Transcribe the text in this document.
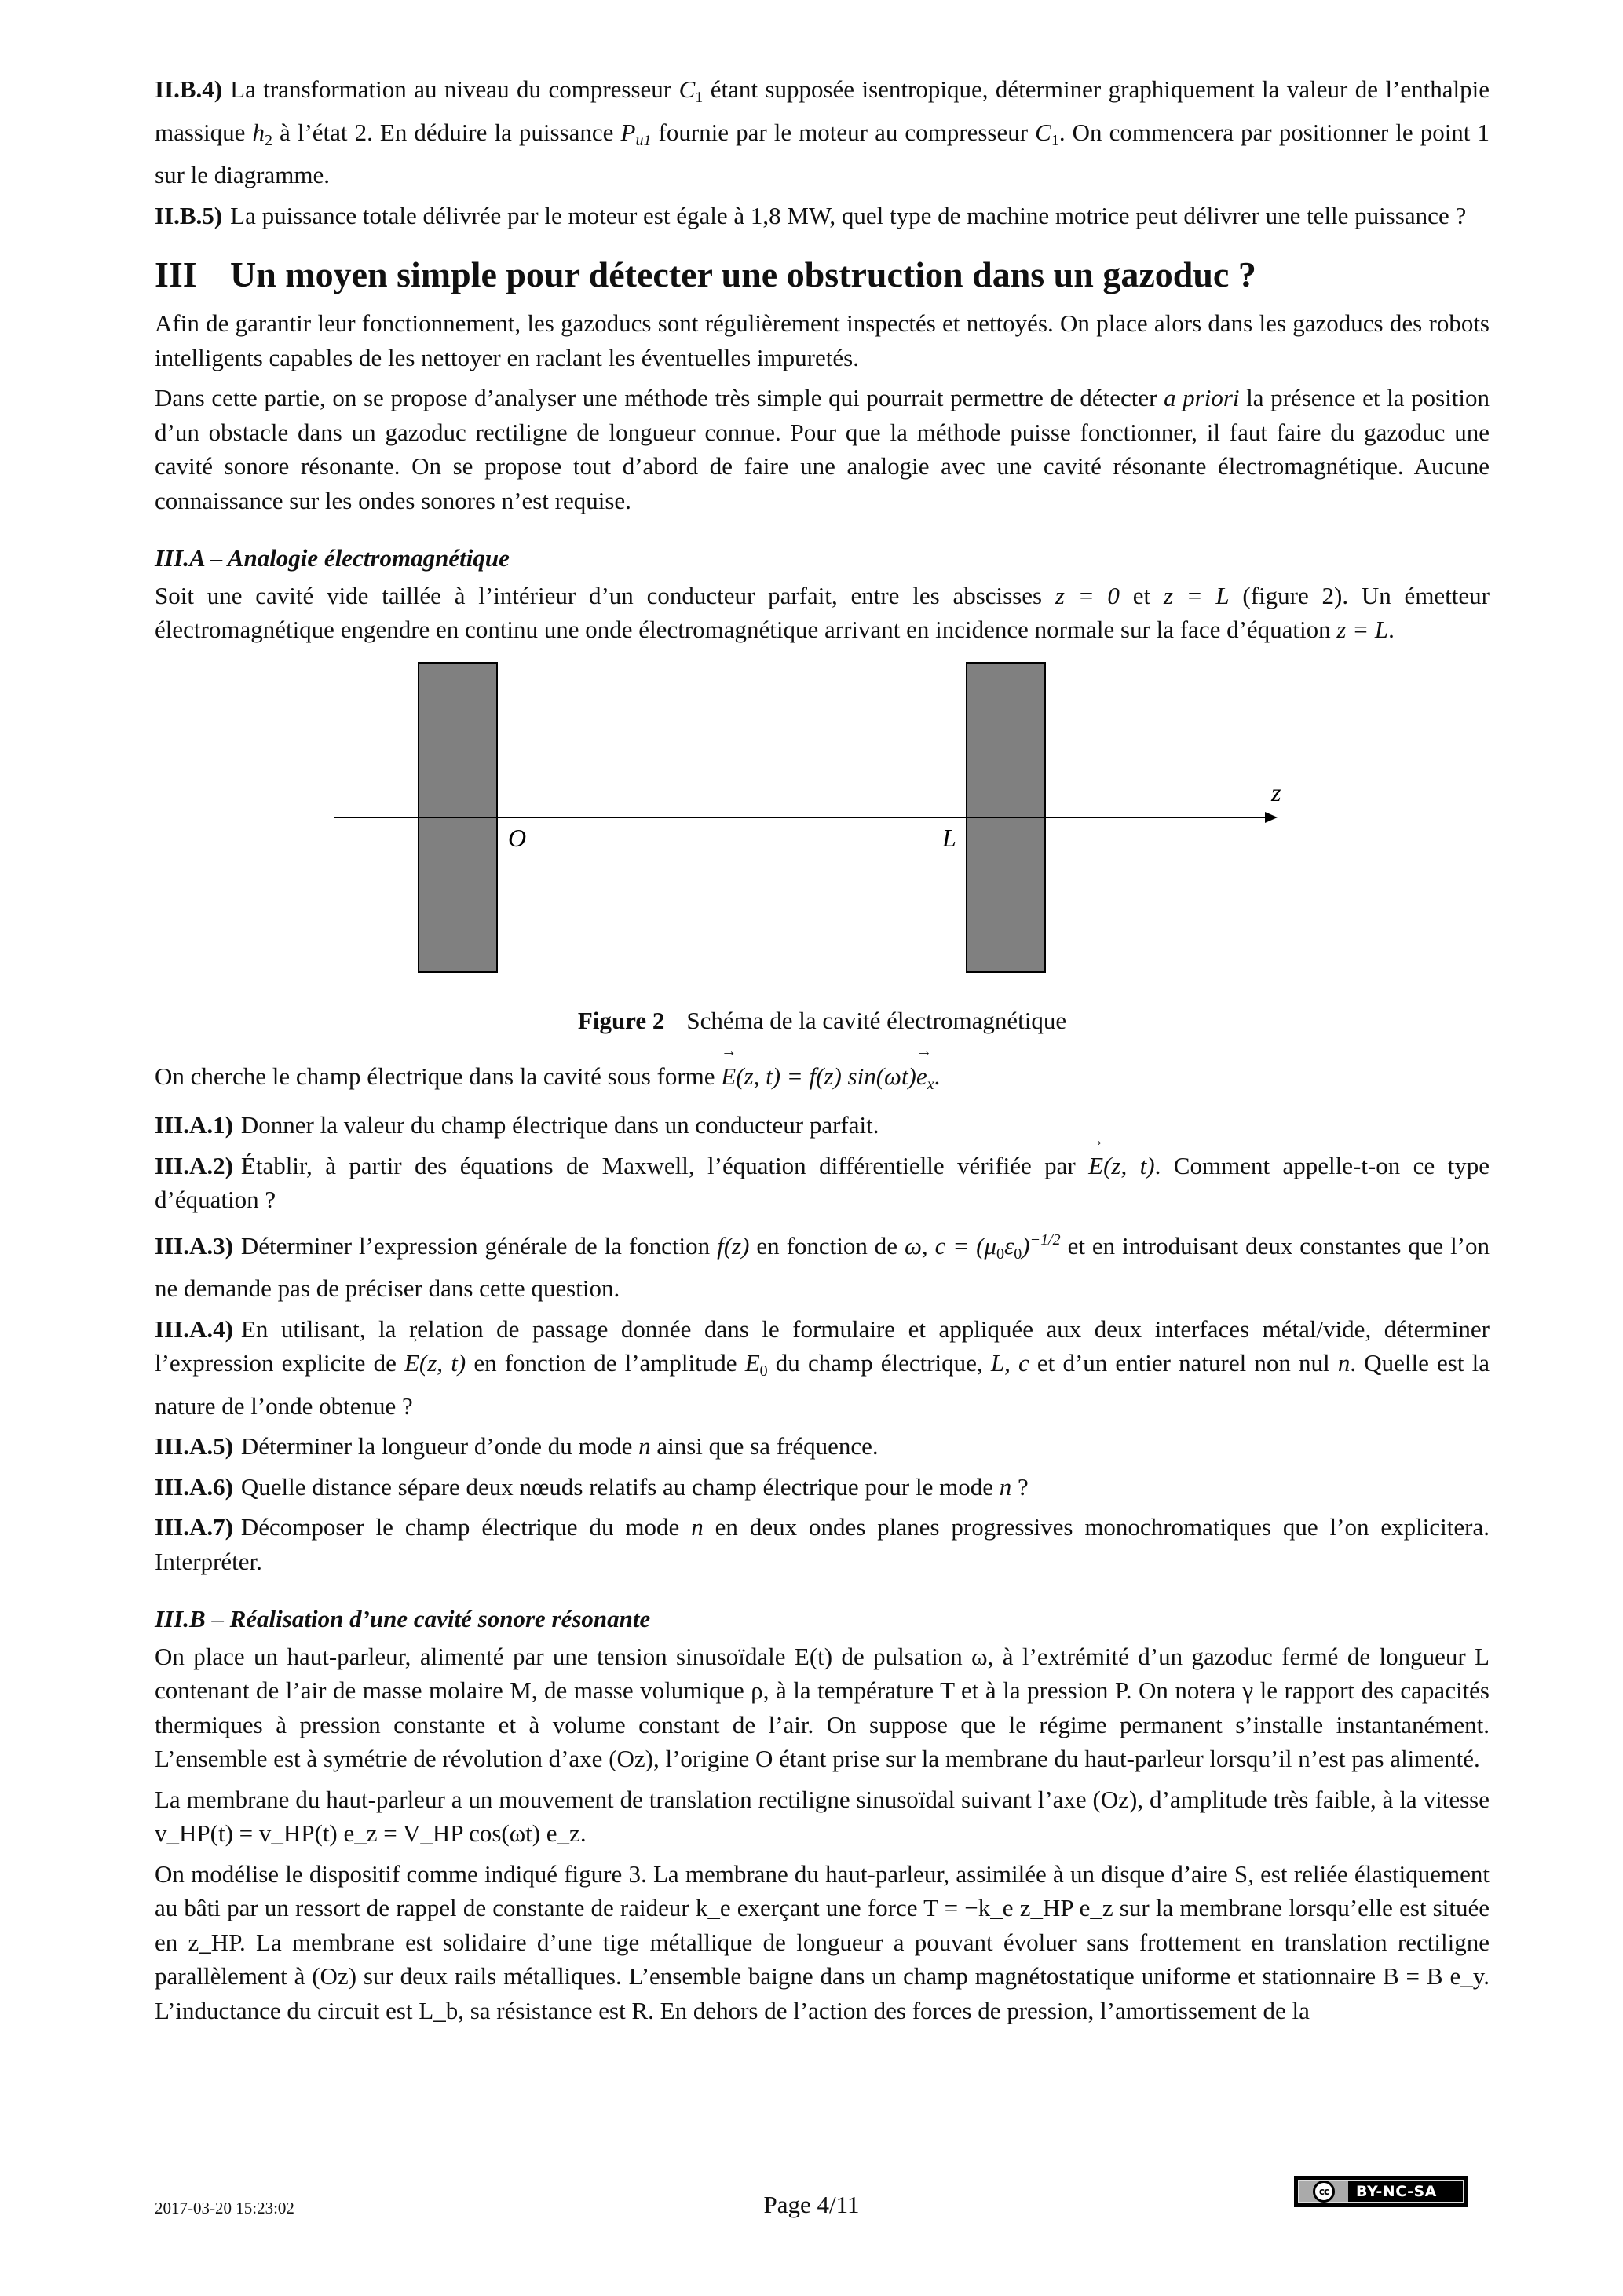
II.B.4) La transformation au niveau du compresseur $C_1$ étant supposée isentropique, déterminer graphiquement la valeur de l’enthalpie massique $h_2$ à l’état 2. En déduire la puissance Pu1 fournie par le moteur au compresseur $C_1$. On commencera par positionner le point 1 sur le diagramme.

II.B.5) La puissance totale délivrée par le moteur est égale à 1,8 MW, quel type de machine motrice peut délivrer une telle puissance ?

III Un moyen simple pour détecter une obstruction dans un gazoduc ?

Afin de garantir leur fonctionnement, les gazoducs sont régulièrement inspectés et nettoyés. On place alors dans les gazoducs des robots intelligents capables de les nettoyer en raclant les éventuelles impuretés.

Dans cette partie, on se propose d’analyser une méthode très simple qui pourrait permettre de détecter a priori la présence et la position d’un obstacle dans un gazoduc rectiligne de longueur connue. Pour que la méthode puisse fonctionner, il faut faire du gazoduc une cavité sonore résonante. On se propose tout d’abord de faire une analogie avec une cavité résonante électromagnétique. Aucune connaissance sur les ondes sonores n’est requise.

III.A – Analogie électromagnétique

Soit une cavité vide taillée à l’intérieur d’un conducteur parfait, entre les abscisses z = 0 et z = L (figure 2). Un émetteur électromagnétique engendre en continu une onde électromagnétique arrivant en incidence normale sur la face d’équation z = L.

z
O	L
Figure 2 Schéma de la cavité électromagnétique

On cherche le champ électrique dans la cavité sous forme → E(z, t) = f(z) sin(ωt)→ ex.

III.A.1) Donner la valeur du champ électrique dans un conducteur parfait.

III.A.2) Établir, à partir des équations de Maxwell, l’équation différentielle vérifiée par → E(z, t). Comment appelle-t-on ce type d’équation ?

III.A.3) Déterminer l’expression générale de la fonction f(z) en fonction de ω, $c = (\mu_0\varepsilon_0)^{-1/2}$ et en introduisant deux constantes que l’on ne demande pas de préciser dans cette question.

III.A.4) En utilisant, la relation de passage donnée dans le formulaire et appliquée aux deux interfaces métal/vide, déterminer l’expression explicite de → E(z, t) en fonction de l’amplitude $E_0$ du champ électrique, L, c et d’un entier naturel non nul n. Quelle est la nature de l’onde obtenue ?

III.A.5) Déterminer la longueur d’onde du mode n ainsi que sa fréquence.

III.A.6) Quelle distance sépare deux nœuds relatifs au champ électrique pour le mode n ?

III.A.7) Décomposer le champ électrique du mode n en deux ondes planes progressives monochromatiques que l’on explicitera. Interpréter.

III.B – Réalisation d’une cavité sonore résonante

On place un haut-parleur, alimenté par une tension sinusoïdale E(t) de pulsation ω, à l’extrémité d’un gazoduc fermé de longueur L contenant de l’air de masse molaire M, de masse volumique ρ, à la température T et à la pression P. On notera γ le rapport des capacités thermiques à pression constante et à volume constant de l’air. On suppose que le régime permanent s’installe instantanément. L’ensemble est à symétrie de révolution d’axe (Oz), l’origine O étant prise sur la membrane du haut-parleur lorsqu’il n’est pas alimenté.

La membrane du haut-parleur a un mouvement de translation rectiligne sinusoïdal suivant l’axe (Oz), d’amplitude très faible, à la vitesse v_HP(t) = v_HP(t) e_z = V_HP cos(ωt) e_z.

On modélise le dispositif comme indiqué figure 3. La membrane du haut-parleur, assimilée à un disque d’aire S, est reliée élastiquement au bâti par un ressort de rappel de constante de raideur k_e exerçant une force T = −k_e z_HP e_z sur la membrane lorsqu’elle est située en z_HP. La membrane est solidaire d’une tige métallique de longueur a pouvant évoluer sans frottement en translation rectiligne parallèlement à (Oz) sur deux rails métalliques. L’ensemble baigne dans un champ magnétostatique uniforme et stationnaire B = B e_y. L’inductance du circuit est L_b, sa résistance est R. En dehors de l’action des forces de pression, l’amortissement de la

2017-03-20 15:23:02	Page 4/11	cc	BY-NC-SA
